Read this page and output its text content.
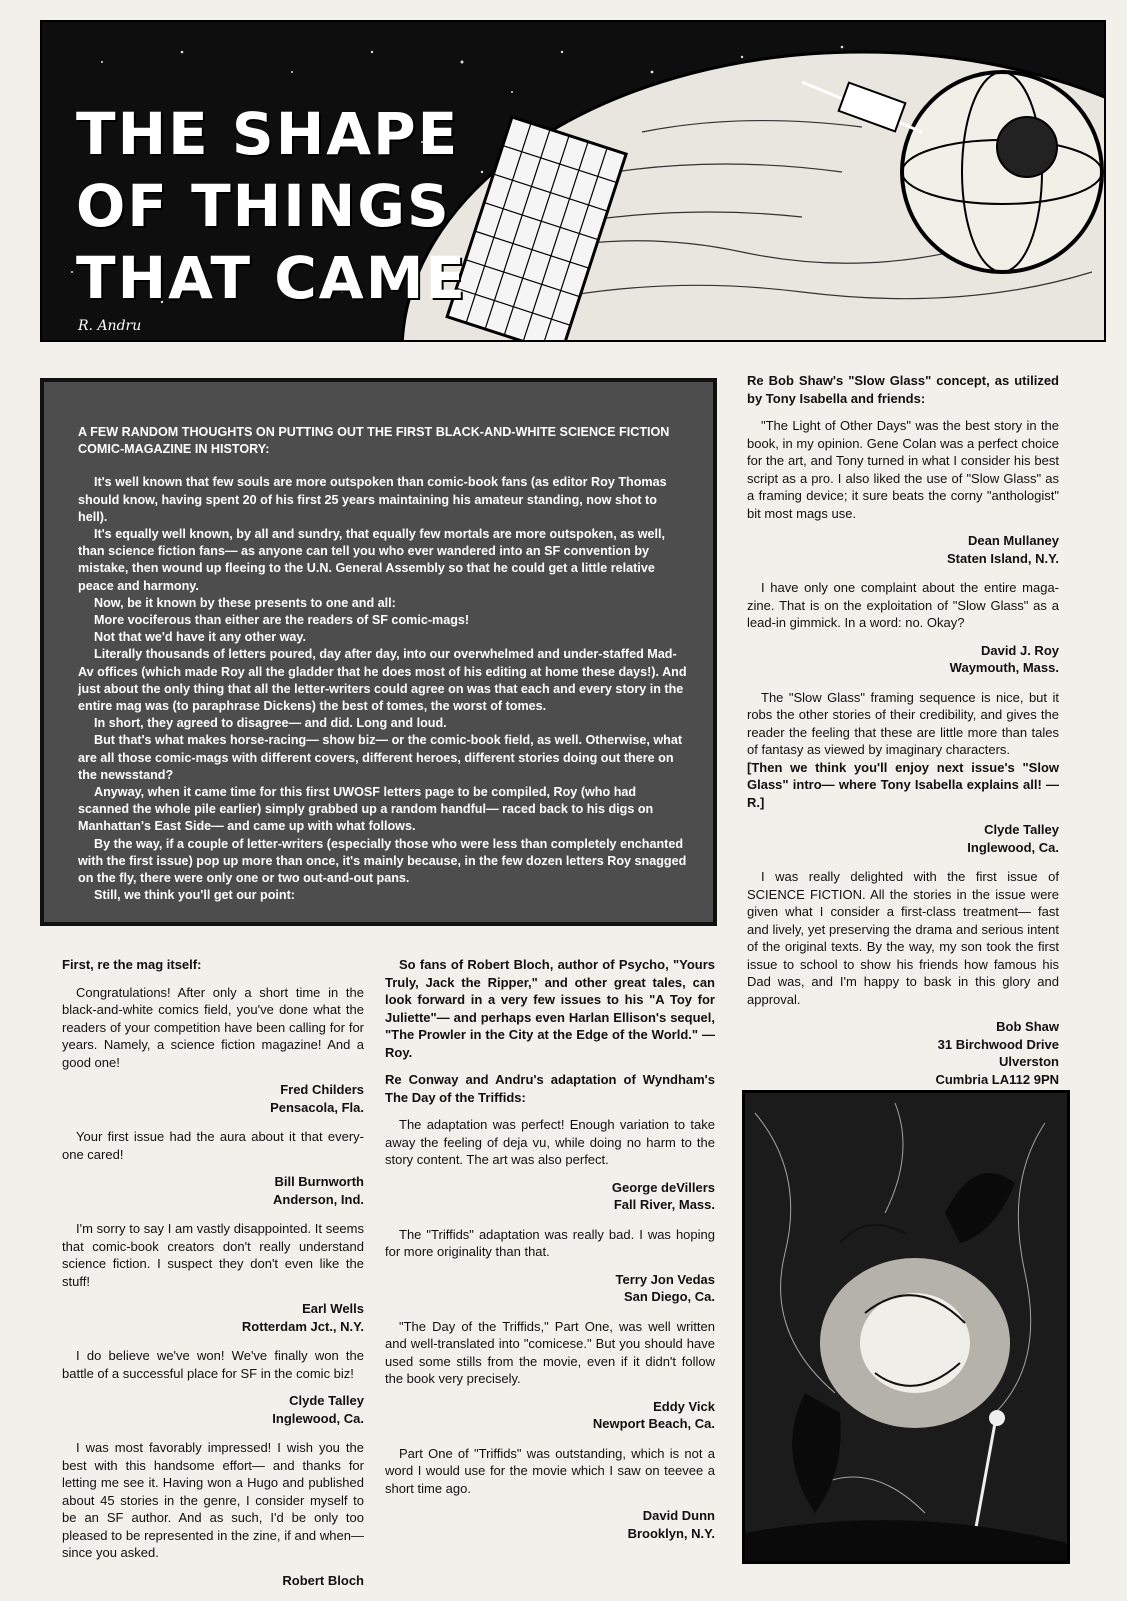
THE SHAPE
OF THINGS
THAT CAME
R. Andru
A FEW RANDOM THOUGHTS ON PUTTING OUT THE FIRST BLACK-AND-WHITE SCIENCE FICTION COMIC-MAGAZINE IN HISTORY:

It's well known that few souls are more outspoken than comic-book fans (as editor Roy Thomas should know, having spent 20 of his first 25 years maintaining his amateur standing, now shot to hell).

It's equally well known, by all and sundry, that equally few mortals are more outspoken, as well, than science fiction fans— as anyone can tell you who ever wandered into an SF convention by mistake, then wound up fleeing to the U.N. General Assembly so that he could get a little relative peace and harmony.

Now, be it known by these presents to one and all:

More vociferous than either are the readers of SF comic-mags!

Not that we'd have it any other way.

Literally thousands of letters poured, day after day, into our overwhelmed and under-staffed Mad-Av offices (which made Roy all the gladder that he does most of his editing at home these days!). And just about the only thing that all the letter-writers could agree on was that each and every story in the entire mag was (to paraphrase Dickens) the best of tomes, the worst of tomes.

In short, they agreed to disagree— and did. Long and loud.

But that's what makes horse-racing— show biz— or the comic-book field, as well. Otherwise, what are all those comic-mags with different covers, different heroes, different stories doing out there on the newsstand?

Anyway, when it came time for this first UWOSF letters page to be compiled, Roy (who had scanned the whole pile earlier) simply grabbed up a random handful— raced back to his digs on Manhattan's East Side— and came up with what follows.

By the way, if a couple of letter-writers (especially those who were less than completely enchanted with the first issue) pop up more than once, it's mainly because, in the few dozen letters Roy snagged on the fly, there were only one or two out-and-out pans.

Still, we think you'll get our point:

First, re the mag itself:

Congratulations! After only a short time in the black-and-white comics field, you've done what the readers of your competition have been calling for for years. Namely, a science fiction magazine! And a good one!

Fred Childers
Pensacola, Fla.

Your first issue had the aura about it that every-one cared!

Bill Burnworth
Anderson, Ind.

I'm sorry to say I am vastly disappointed. It seems that comic-book creators don't really understand science fiction. I suspect they don't even like the stuff!

Earl Wells
Rotterdam Jct., N.Y.

I do believe we've won! We've finally won the battle of a successful place for SF in the comic biz!

Clyde Talley
Inglewood, Ca.

I was most favorably impressed! I wish you the best with this handsome effort— and thanks for letting me see it. Having won a Hugo and published about 45 stories in the genre, I consider myself to be an SF author. And as such, I'd be only too pleased to be represented in the zine, if and when— since you asked.

Robert Bloch

So fans of Robert Bloch, author of Psycho, "Yours Truly, Jack the Ripper," and other great tales, can look forward in a very few issues to his "A Toy for Juliette"— and perhaps even Harlan Ellison's sequel, "The Prowler in the City at the Edge of the World." —Roy.

Re Conway and Andru's adaptation of Wyndham's The Day of the Triffids:

The adaptation was perfect! Enough variation to take away the feeling of deja vu, while doing no harm to the story content. The art was also perfect.

George deVillers
Fall River, Mass.

The "Triffids" adaptation was really bad. I was hoping for more originality than that.

Terry Jon Vedas
San Diego, Ca.

"The Day of the Triffids," Part One, was well written and well-translated into "comicese." But you should have used some stills from the movie, even if it didn't follow the book very precisely.

Eddy Vick
Newport Beach, Ca.

Part One of "Triffids" was outstanding, which is not a word I would use for the movie which I saw on teevee a short time ago.

David Dunn
Brooklyn, N.Y.

Re Bob Shaw's "Slow Glass" concept, as utilized by Tony Isabella and friends:

"The Light of Other Days" was the best story in the book, in my opinion. Gene Colan was a perfect choice for the art, and Tony turned in what I consider his best script as a pro. I also liked the use of "Slow Glass" as a framing device; it sure beats the corny "anthologist" bit most mags use.

Dean Mullaney
Staten Island, N.Y.

I have only one complaint about the entire maga-zine. That is on the exploitation of "Slow Glass" as a lead-in gimmick. In a word: no. Okay?

David J. Roy
Waymouth, Mass.

The "Slow Glass" framing sequence is nice, but it robs the other stories of their credibility, and gives the reader the feeling that these are little more than tales of fantasy as viewed by imaginary characters.

[Then we think you'll enjoy next issue's "Slow Glass" intro— where Tony Isabella explains all! —R.]

Clyde Talley
Inglewood, Ca.

I was really delighted with the first issue of SCIENCE FICTION. All the stories in the issue were given what I consider a first-class treatment— fast and lively, yet preserving the drama and serious intent of the original texts. By the way, my son took the first issue to school to show his friends how famous his Dad was, and I'm happy to bask in this glory and approval.

Bob Shaw
31 Birchwood Drive
Ulverston
Cumbria LA112 9PN
